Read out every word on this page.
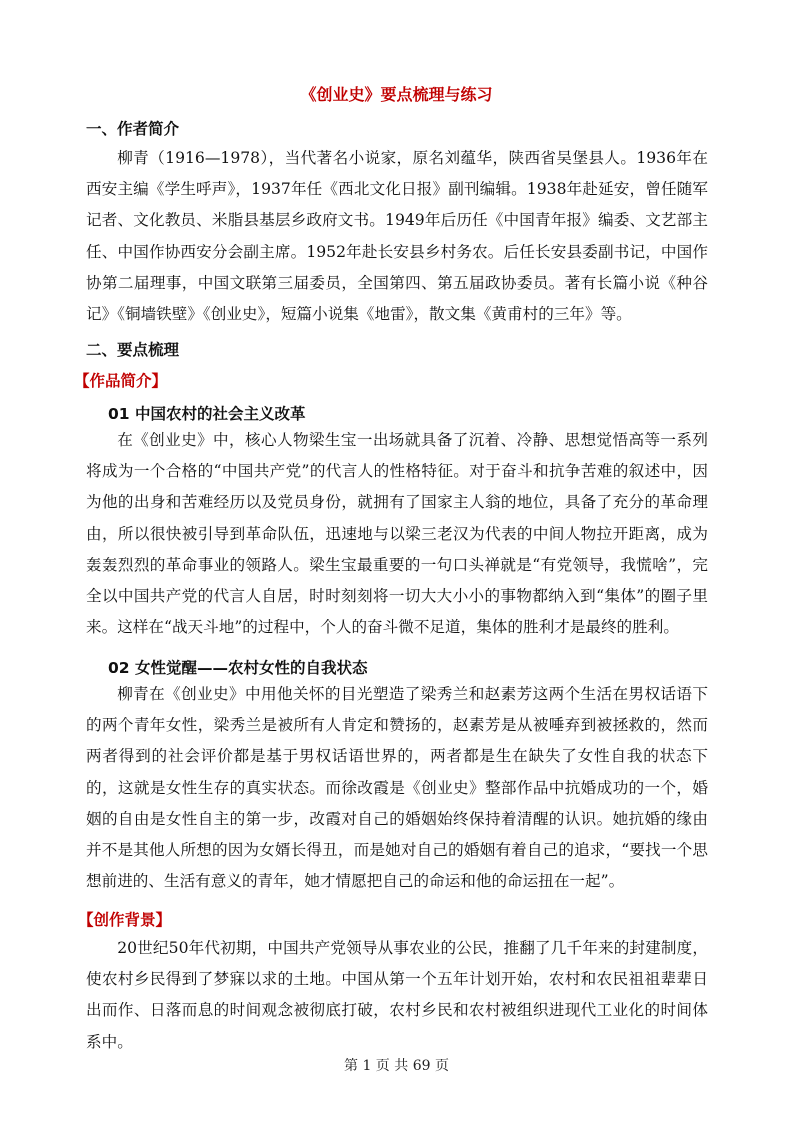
《创业史》要点梳理与练习
一、作者简介

柳青（1916—1978），当代著名小说家，原名刘蕴华，陕西省吴堡县人。1936年在西安主编《学生呼声》，1937年任《西北文化日报》副刊编辑。1938年赴延安，曾任随军记者、文化教员、米脂县基层乡政府文书。1949年后历任《中国青年报》编委、文艺部主任、中国作协西安分会副主席。1952年赴长安县乡村务农。后任长安县委副书记，中国作协第二届理事，中国文联第三届委员，全国第四、第五届政协委员。著有长篇小说《种谷记》《铜墙铁壁》《创业史》，短篇小说集《地雷》，散文集《黄甫村的三年》等。

二、要点梳理
【作品简介】
01 中国农村的社会主义改革

在《创业史》中，核心人物梁生宝一出场就具备了沉着、冷静、思想觉悟高等一系列将成为一个合格的“中国共产党”的代言人的性格特征。对于奋斗和抗争苦难的叙述中，因为他的出身和苦难经历以及党员身份，就拥有了国家主人翁的地位，具备了充分的革命理由，所以很快被引导到革命队伍，迅速地与以梁三老汉为代表的中间人物拉开距离，成为轰轰烈烈的革命事业的领路人。梁生宝最重要的一句口头禅就是“有党领导，我慌啥”，完全以中国共产党的代言人自居，时时刻刻将一切大大小小的事物都纳入到“集体”的圈子里来。这样在“战天斗地”的过程中，个人的奋斗微不足道，集体的胜利才是最终的胜利。

02 女性觉醒——农村女性的自我状态

柳青在《创业史》中用他关怀的目光塑造了梁秀兰和赵素芳这两个生活在男权话语下的两个青年女性，梁秀兰是被所有人肯定和赞扬的，赵素芳是从被唾弃到被拯救的，然而两者得到的社会评价都是基于男权话语世界的，两者都是生在缺失了女性自我的状态下的，这就是女性生存的真实状态。而徐改霞是《创业史》整部作品中抗婚成功的一个，婚姻的自由是女性自主的第一步，改霞对自己的婚姻始终保持着清醒的认识。她抗婚的缘由并不是其他人所想的因为女婿长得丑，而是她对自己的婚姻有着自己的追求，“要找一个思想前进的、生活有意义的青年，她才情愿把自己的命运和他的命运扭在一起”。

【创作背景】

20世纪50年代初期，中国共产党领导从事农业的公民，推翻了几千年来的封建制度，使农村乡民得到了梦寐以求的土地。中国从第一个五年计划开始，农村和农民祖祖辈辈日出而作、日落而息的时间观念被彻底打破，农村乡民和农村被组织进现代工业化的时间体系中。

第 1 页 共 69 页
